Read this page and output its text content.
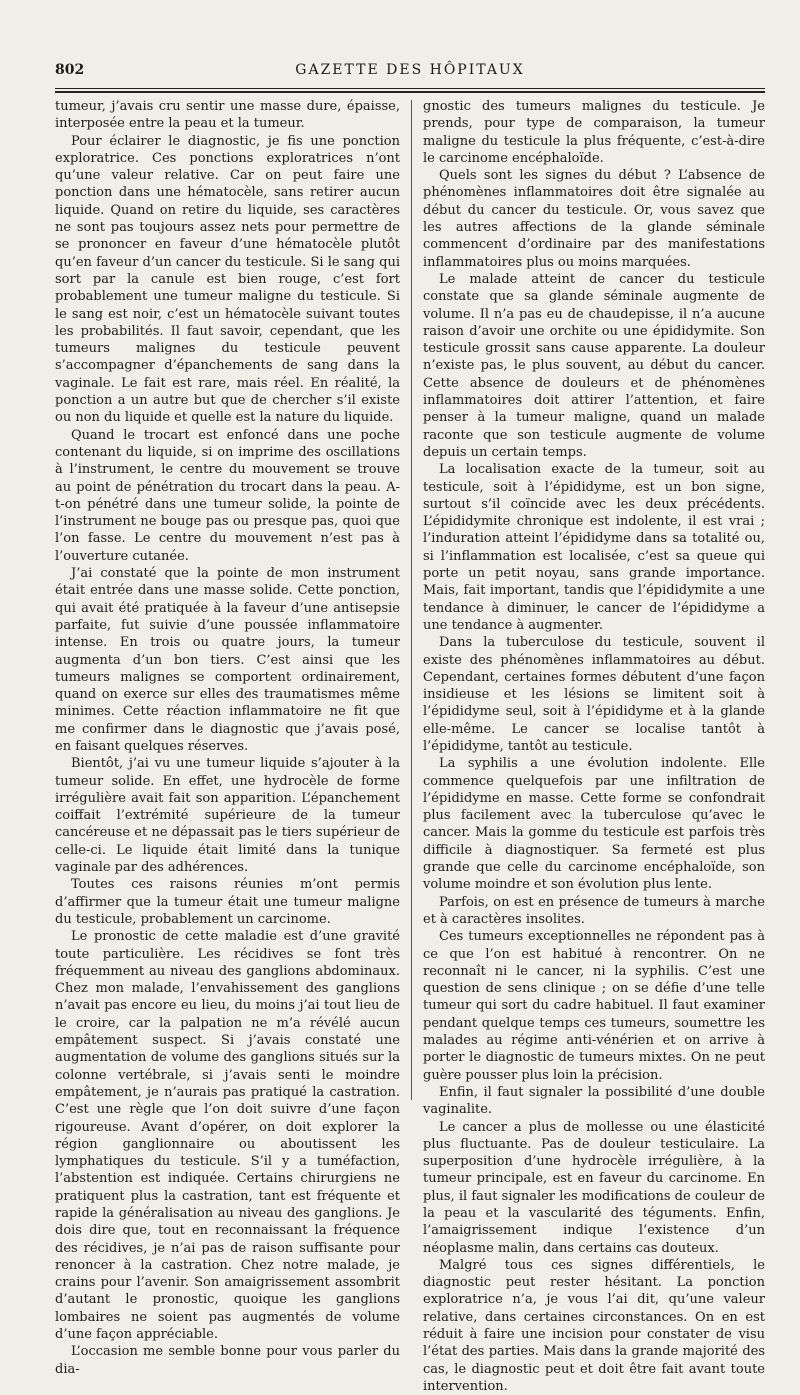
802	GAZETTE DES HÔPITAUX

tumeur, j’avais cru sentir une masse dure, épaisse, interposée entre la peau et la tumeur.

Pour éclairer le diagnostic, je fis une ponction exploratrice. Ces ponctions exploratrices n’ont qu’une valeur relative. Car on peut faire une ponction dans une hématocèle, sans retirer aucun liquide. Quand on retire du liquide, ses caractères ne sont pas toujours assez nets pour permettre de se prononcer en faveur d’une hématocèle plutôt qu’en faveur d’un cancer du testicule. Si le sang qui sort par la canule est bien rouge, c’est fort probablement une tumeur maligne du testicule. Si le sang est noir, c’est un hématocèle suivant toutes les probabilités. Il faut savoir, cependant, que les tumeurs malignes du testicule peuvent s’accompagner d’épanchements de sang dans la vaginale. Le fait est rare, mais réel. En réalité, la ponction a un autre but que de chercher s’il existe ou non du liquide et quelle est la nature du liquide.

Quand le trocart est enfoncé dans une poche contenant du liquide, si on imprime des oscillations à l’instrument, le centre du mouvement se trouve au point de pénétration du trocart dans la peau. A-t-on pénétré dans une tumeur solide, la pointe de l’instrument ne bouge pas ou presque pas, quoi que l’on fasse. Le centre du mouvement n’est pas à l’ouverture cutanée.

J’ai constaté que la pointe de mon instrument était entrée dans une masse solide. Cette ponction, qui avait été pratiquée à la faveur d’une antisepsie parfaite, fut suivie d’une poussée inflammatoire intense. En trois ou quatre jours, la tumeur augmenta d’un bon tiers. C’est ainsi que les tumeurs malignes se comportent ordinairement, quand on exerce sur elles des traumatismes même minimes. Cette réaction inflammatoire ne fit que me confirmer dans le diagnostic que j’avais posé, en faisant quelques réserves.

Bientôt, j’ai vu une tumeur liquide s’ajouter à la tumeur solide. En effet, une hydrocèle de forme irrégulière avait fait son apparition. L’épanchement coiffait l’extrémité supérieure de la tumeur cancéreuse et ne dépassait pas le tiers supérieur de celle-ci. Le liquide était limité dans la tunique vaginale par des adhérences.

Toutes ces raisons réunies m’ont permis d’affirmer que la tumeur était une tumeur maligne du testicule, probablement un carcinome.

Le pronostic de cette maladie est d’une gravité toute particulière. Les récidives se font très fréquemment au niveau des ganglions abdominaux. Chez mon malade, l’envahissement des ganglions n’avait pas encore eu lieu, du moins j’ai tout lieu de le croire, car la palpation ne m’a révélé aucun empâtement suspect. Si j’avais constaté une augmentation de volume des ganglions situés sur la colonne vertébrale, si j’avais senti le moindre empâtement, je n’aurais pas pratiqué la castration. C’est une règle que l’on doit suivre d’une façon rigoureuse. Avant d’opérer, on doit explorer la région ganglionnaire ou aboutissent les lymphatiques du testicule. S’il y a tuméfaction, l’abstention est indiquée. Certains chirurgiens ne pratiquent plus la castration, tant est fréquente et rapide la généralisation au niveau des ganglions. Je dois dire que, tout en reconnaissant la fréquence des récidives, je n’ai pas de raison suffisante pour renoncer à la castration. Chez notre malade, je crains pour l’avenir. Son amaigrissement assombrit d’autant le pronostic, quoique les ganglions lombaires ne soient pas augmentés de volume d’une façon appréciable.

L’occasion me semble bonne pour vous parler du dia-

gnostic des tumeurs malignes du testicule. Je prends, pour type de comparaison, la tumeur maligne du testicule la plus fréquente, c’est-à-dire le carcinome encéphaloïde.

Quels sont les signes du début ? L’absence de phénomènes inflammatoires doit être signalée au début du cancer du testicule. Or, vous savez que les autres affections de la glande séminale commencent d’ordinaire par des manifestations inflammatoires plus ou moins marquées.

Le malade atteint de cancer du testicule constate que sa glande séminale augmente de volume. Il n’a pas eu de chaudepisse, il n’a aucune raison d’avoir une orchite ou une épididymite. Son testicule grossit sans cause apparente. La douleur n’existe pas, le plus souvent, au début du cancer. Cette absence de douleurs et de phénomènes inflammatoires doit attirer l’attention, et faire penser à la tumeur maligne, quand un malade raconte que son testicule augmente de volume depuis un certain temps.

La localisation exacte de la tumeur, soit au testicule, soit à l’épididyme, est un bon signe, surtout s’il coïncide avec les deux précédents. L’épididymite chronique est indolente, il est vrai ; l’induration atteint l’épididyme dans sa totalité ou, si l’inflammation est localisée, c’est sa queue qui porte un petit noyau, sans grande importance. Mais, fait important, tandis que l’épididymite a une tendance à diminuer, le cancer de l’épididyme a une tendance à augmenter.

Dans la tuberculose du testicule, souvent il existe des phénomènes inflammatoires au début. Cependant, certaines formes débutent d’une façon insidieuse et les lésions se limitent soit à l’épididyme seul, soit à l’épididyme et à la glande elle-même. Le cancer se localise tantôt à l’épididyme, tantôt au testicule.

La syphilis a une évolution indolente. Elle commence quelquefois par une infiltration de l’épididyme en masse. Cette forme se confondrait plus facilement avec la tuberculose qu’avec le cancer. Mais la gomme du testicule est parfois très difficile à diagnostiquer. Sa fermeté est plus grande que celle du carcinome encéphaloïde, son volume moindre et son évolution plus lente.

Parfois, on est en présence de tumeurs à marche et à caractères insolites.

Ces tumeurs exceptionnelles ne répondent pas à ce que l’on est habitué à rencontrer. On ne reconnaît ni le cancer, ni la syphilis. C’est une question de sens clinique ; on se défie d’une telle tumeur qui sort du cadre habituel. Il faut examiner pendant quelque temps ces tumeurs, soumettre les malades au régime anti-vénérien et on arrive à porter le diagnostic de tumeurs mixtes. On ne peut guère pousser plus loin la précision.

Enfin, il faut signaler la possibilité d’une double vaginalite.

Le cancer a plus de mollesse ou une élasticité plus fluctuante. Pas de douleur testiculaire. La superposition d’une hydrocèle irrégulière, à la tumeur principale, est en faveur du carcinome. En plus, il faut signaler les modifications de couleur de la peau et la vascularité des téguments. Enfin, l’amaigrissement indique l’existence d’un néoplasme malin, dans certains cas douteux.

Malgré tous ces signes différentiels, le diagnostic peut rester hésitant. La ponction exploratrice n’a, je vous l’ai dit, qu’une valeur relative, dans certaines circonstances. On en est réduit à faire une incision pour constater de visu l’état des parties. Mais dans la grande majorité des cas, le diagnostic peut et doit être fait avant toute intervention.
